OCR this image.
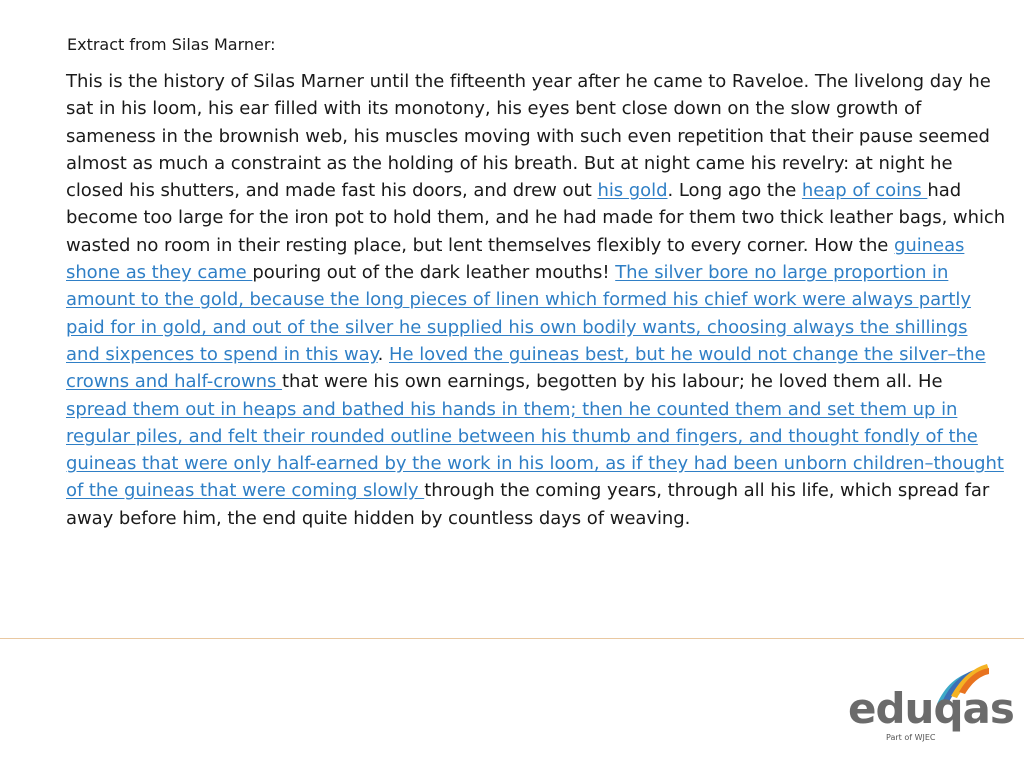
Extract from Silas Marner:

This is the history of Silas Marner until the fifteenth year after he came to Raveloe. The livelong day he sat in his loom, his ear filled with its monotony, his eyes bent close down on the slow growth of sameness in the brownish web, his muscles moving with such even repetition that their pause seemed almost as much a constraint as the holding of his breath. But at night came his revelry: at night he closed his shutters, and made fast his doors, and drew out his gold. Long ago the heap of coins had become too large for the iron pot to hold them, and he had made for them two thick leather bags, which wasted no room in their resting place, but lent themselves flexibly to every corner. How the guineas shone as they came pouring out of the dark leather mouths! The silver bore no large proportion in amount to the gold, because the long pieces of linen which formed his chief work were always partly paid for in gold, and out of the silver he supplied his own bodily wants, choosing always the shillings and sixpences to spend in this way. He loved the guineas best, but he would not change the silver–the crowns and half-crowns that were his own earnings, begotten by his labour; he loved them all. He spread them out in heaps and bathed his hands in them; then he counted them and set them up in regular piles, and felt their rounded outline between his thumb and fingers, and thought fondly of the guineas that were only half-earned by the work in his loom, as if they had been unborn children–thought of the guineas that were coming slowly through the coming years, through all his life, which spread far away before him, the end quite hidden by countless days of weaving.

eduqas
Part of WJEC
